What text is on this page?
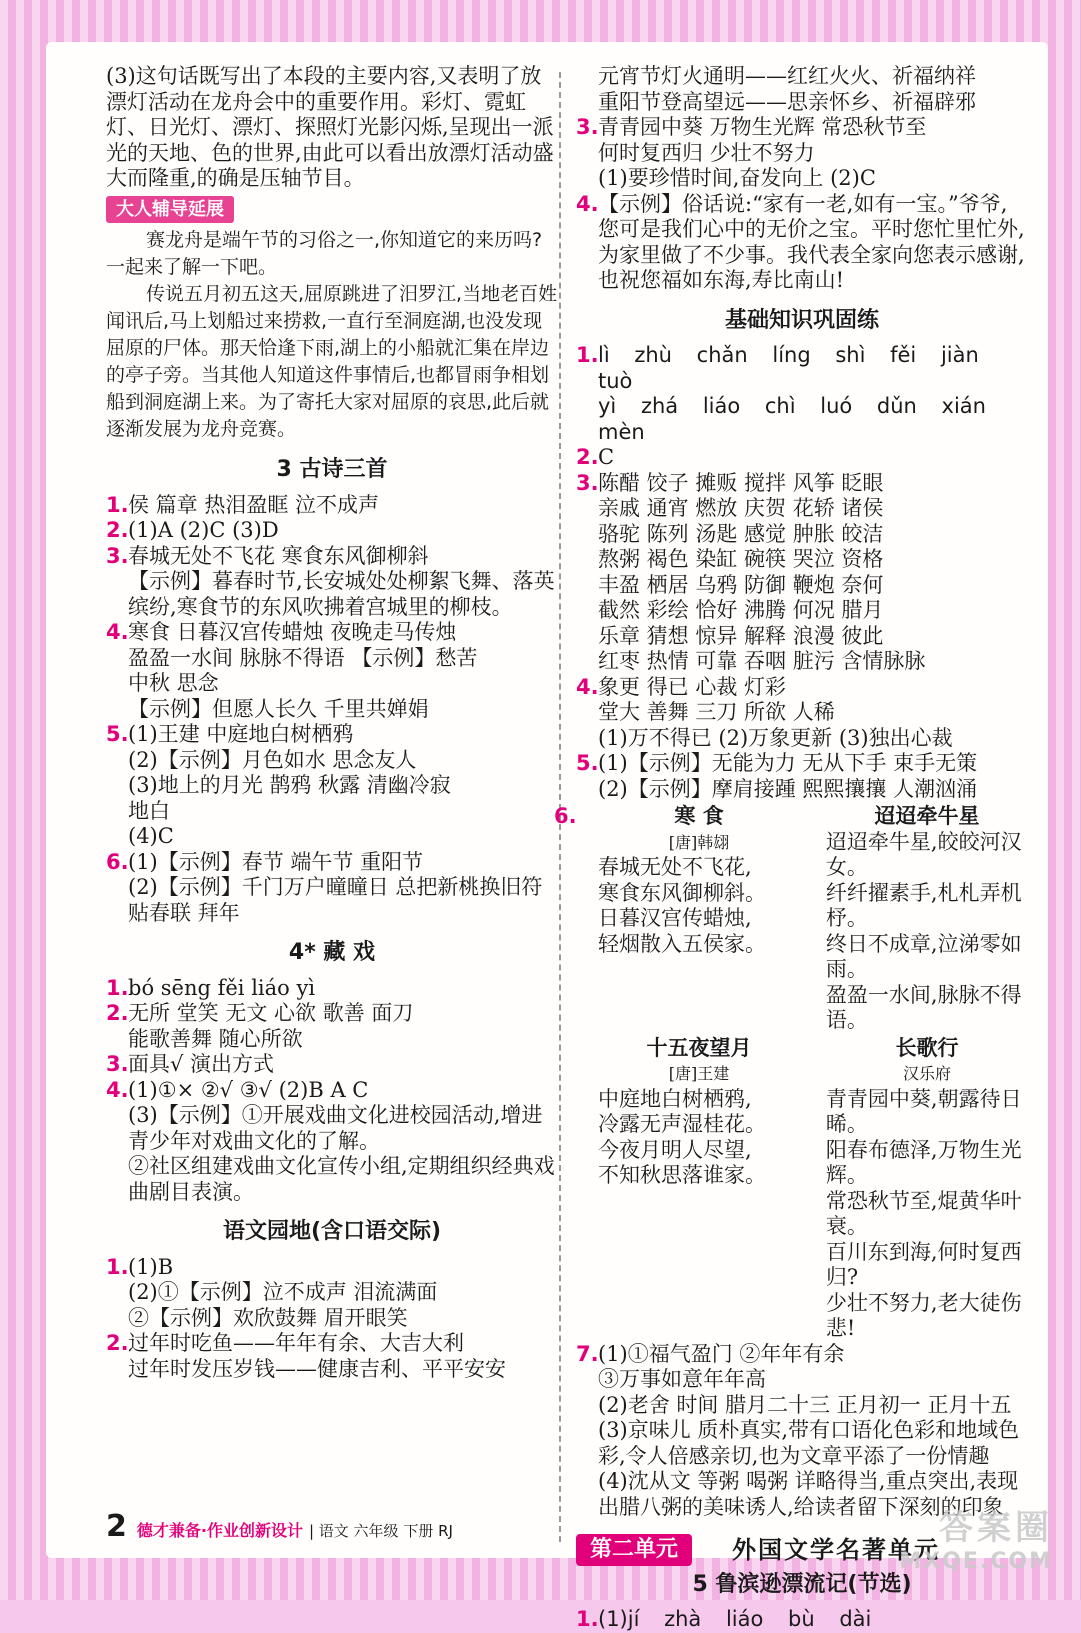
(3)这句话既写出了本段的主要内容,又表明了放漂灯活动在龙舟会中的重要作用。彩灯、霓虹灯、日光灯、漂灯、探照灯光影闪烁,呈现出一派光的天地、色的世界,由此可以看出放漂灯活动盛大而隆重,的确是压轴节目。

大人辅导延展

赛龙舟是端午节的习俗之一,你知道它的来历吗?一起来了解一下吧。

传说五月初五这天,屈原跳进了汨罗江,当地老百姓闻讯后,马上划船过来捞救,一直行至洞庭湖,也没发现屈原的尸体。那天恰逢下雨,湖上的小船就汇集在岸边的亭子旁。当其他人知道这件事情后,也都冒雨争相划船到洞庭湖上来。为了寄托大家对屈原的哀思,此后就逐渐发展为龙舟竞赛。

3 古诗三首

1.侯 篇章 热泪盈眶 泣不成声

2.(1)A (2)C (3)D

3.春城无处不飞花 寒食东风御柳斜

【示例】暮春时节,长安城处处柳絮飞舞、落英缤纷,寒食节的东风吹拂着宫城里的柳枝。

4.寒食 日暮汉宫传蜡烛 夜晚走马传烛

盈盈一水间 脉脉不得语 【示例】愁苦

中秋 思念

【示例】但愿人长久 千里共婵娟

5.(1)王建 中庭地白树栖鸦

(2)【示例】月色如水 思念友人

(3)地上的月光 鹊鸦 秋露 清幽冷寂

地白

(4)C

6.(1)【示例】春节 端午节 重阳节

(2)【示例】千门万户曈曈日 总把新桃换旧符

贴春联 拜年

4* 藏 戏

1.bó sēng fěi liáo yì

2.无所 堂笑 无文 心欲 歌善 面刀

能歌善舞 随心所欲

3.面具√ 演出方式

4.(1)①× ②√ ③√ (2)B A C

(3)【示例】①开展戏曲文化进校园活动,增进青少年对戏曲文化的了解。

②社区组建戏曲文化宣传小组,定期组织经典戏曲剧目表演。

语文园地(含口语交际)

1.(1)B

(2)①【示例】泣不成声 泪流满面

②【示例】欢欣鼓舞 眉开眼笑

2.过年时吃鱼——年年有余、大吉大利

过年时发压岁钱——健康吉利、平平安安

元宵节灯火通明——红红火火、祈福纳祥

重阳节登高望远——思亲怀乡、祈福辟邪

3.青青园中葵 万物生光辉 常恐秋节至

何时复西归 少壮不努力

(1)要珍惜时间,奋发向上 (2)C

4.【示例】俗话说:“家有一老,如有一宝。”爷爷,您可是我们心中的无价之宝。平时您忙里忙外,为家里做了不少事。我代表全家向您表示感谢,也祝您福如东海,寿比南山!

基础知识巩固练

1.lì zhù chǎn líng shì fěi jiàn tuò

yì zhá liáo chì luó dǔn xián mèn

2.C

3.陈醋 饺子 摊贩 搅拌 风筝 眨眼

亲戚 通宵 燃放 庆贺 花轿 诸侯

骆驼 陈列 汤匙 感觉 肿胀 皎洁

熬粥 褐色 染缸 碗筷 哭泣 资格

丰盈 栖居 乌鸦 防御 鞭炮 奈何

截然 彩绘 恰好 沸腾 何况 腊月

乐章 猜想 惊异 解释 浪漫 彼此

红枣 热情 可靠 吞咽 脏污 含情脉脉

4.象更 得已 心裁 灯彩

堂大 善舞 三刀 所欲 人稀

(1)万不得已 (2)万象更新 (3)独出心裁

5.(1)【示例】无能为力 无从下手 束手无策

(2)【示例】摩肩接踵 熙熙攘攘 人潮汹涌

6.	寒 食
[唐]韩翃
春城无处不飞花,
寒食东风御柳斜。
日暮汉宫传蜡烛,
轻烟散入五侯家。
迢迢牵牛星
迢迢牵牛星,皎皎河汉女。
纤纤擢素手,札札弄机杼。
终日不成章,泣涕零如雨。
盈盈一水间,脉脉不得语。
十五夜望月
[唐]王建
中庭地白树栖鸦,
冷露无声湿桂花。
今夜月明人尽望,
不知秋思落谁家。
长歌行
汉乐府
青青园中葵,朝露待日晞。
阳春布德泽,万物生光辉。
常恐秋节至,焜黄华叶衰。
百川东到海,何时复西归?
少壮不努力,老大徒伤悲!

7.(1)①福气盈门 ②年年有余

③万事如意年年高

(2)老舍 时间 腊月二十三 正月初一 正月十五

(3)京味儿 质朴真实,带有口语化色彩和地域色彩,令人倍感亲切,也为文章平添了一份情趣

(4)沈从文 等粥 喝粥 详略得当,重点突出,表现出腊八粥的美味诱人,给读者留下深刻的印象

第二单元	外国文学名著单元
5 鲁滨逊漂流记(节选)

1.(1)jí zhà liáo bù dài

2 德才兼备·作业创新设计 | 语文 六年级 下册 RJ	答案圈
MXQE.COM
